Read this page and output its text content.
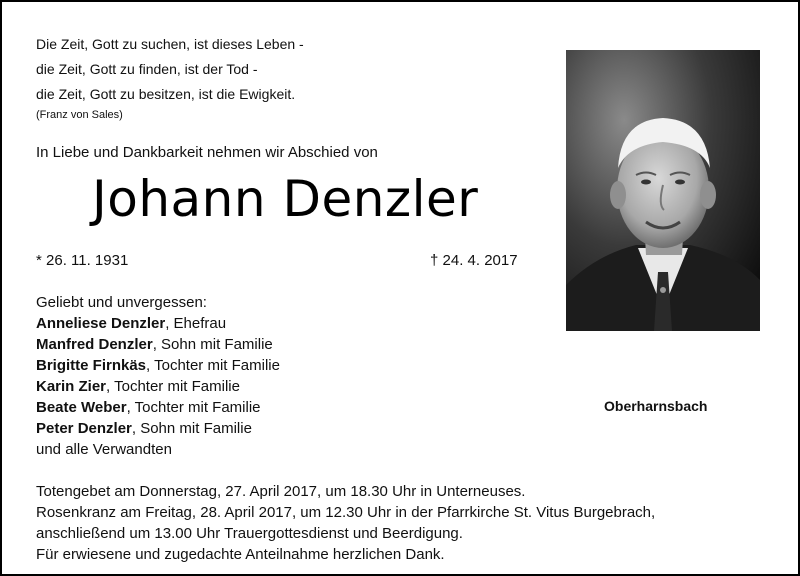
Die Zeit, Gott zu suchen, ist dieses Leben -
die Zeit, Gott zu finden, ist der Tod -
die Zeit, Gott zu besitzen, ist die Ewigkeit.
(Franz von Sales)
In Liebe und Dankbarkeit nehmen wir Abschied von
Johann Denzler
* 26. 11. 1931	† 24. 4. 2017
Geliebt und unvergessen:
Anneliese Denzler, Ehefrau
Manfred Denzler, Sohn mit Familie
Brigitte Firnkäs, Tochter mit Familie
Karin Zier, Tochter mit Familie
Beate Weber, Tochter mit Familie
Peter Denzler, Sohn mit Familie
und alle Verwandten
Oberharnsbach
Totengebet am Donnerstag, 27. April 2017, um 18.30 Uhr in Unterneuses.
Rosenkranz am Freitag, 28. April 2017, um 12.30 Uhr in der Pfarrkirche St. Vitus Burgebrach,
anschließend um 13.00 Uhr Trauergottesdienst und Beerdigung.
Für erwiesene und zugedachte Anteilnahme herzlichen Dank.
